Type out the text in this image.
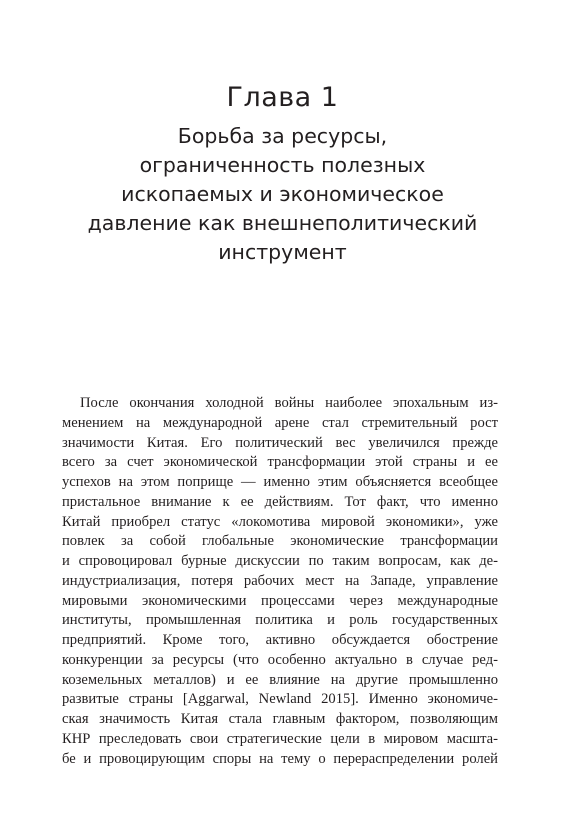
Глава 1
Борьба за ресурсы,
ограниченность полезных
ископаемых и экономическое
давление как внешнеполитический
инструмент
После окончания холодной войны наиболее эпохальным из-
менением на международной арене стал стремительный рост
значимости Китая. Его политический вес увеличился прежде
всего за счет экономической трансформации этой страны и ее
успехов на этом поприще — именно этим объясняется всеобщее
пристальное внимание к ее действиям. Тот факт, что именно
Китай приобрел статус «локомотива мировой экономики», уже
повлек за собой глобальные экономические трансформации
и спровоцировал бурные дискуссии по таким вопросам, как де-
индустриализация, потеря рабочих мест на Западе, управление
мировыми экономическими процессами через международные
институты, промышленная политика и роль государственных
предприятий. Кроме того, активно обсуждается обострение
конкуренции за ресурсы (что особенно актуально в случае ред-
коземельных металлов) и ее влияние на другие промышленно
развитые страны [Aggarwal, Newland 2015]. Именно экономиче-
ская значимость Китая стала главным фактором, позволяющим
КНР преследовать свои стратегические цели в мировом масшта-
бе и провоцирующим споры на тему о перераспределении ролей
